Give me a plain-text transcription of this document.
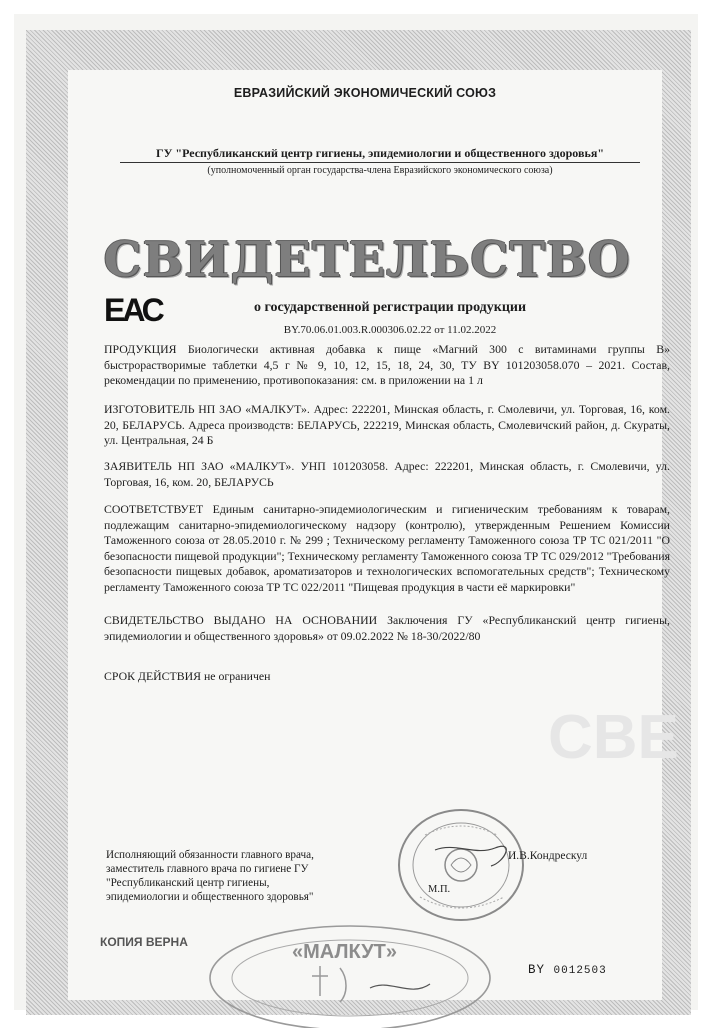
ЕВРАЗИЙСКИЙ ЭКОНОМИЧЕСКИЙ СОЮЗ
ГУ "Республиканский центр гигиены, эпидемиологии и общественного здоровья"
(уполномоченный орган государства-члена Евразийского экономического союза)
СВИДЕТЕЛЬСТВО
ЕАС	о государственной регистрации продукции
BY.70.06.01.003.R.000306.02.22 от 11.02.2022
ПРОДУКЦИЯ Биологически активная добавка к пище «Магний 300 с витаминами группы В» быстрорастворимые таблетки 4,5 г № 9, 10, 12, 15, 18, 24, 30, ТУ BY 101203058.070 – 2021. Состав, рекомендации по применению, противопоказания: см. в приложении на 1 л
ИЗГОТОВИТЕЛЬ НП ЗАО «МАЛКУТ». Адрес: 222201, Минская область, г. Смолевичи, ул. Торговая, 16, ком. 20, БЕЛАРУСЬ. Адреса производств: БЕЛАРУСЬ, 222219, Минская область, Смолевичский район, д. Скураты, ул. Центральная, 24 Б
ЗАЯВИТЕЛЬ НП ЗАО «МАЛКУТ». УНП 101203058. Адрес: 222201, Минская область, г. Смолевичи, ул. Торговая, 16, ком. 20, БЕЛАРУСЬ
СООТВЕТСТВУЕТ Единым санитарно-эпидемиологическим и гигиеническим требованиям к товарам, подлежащим санитарно-эпидемиологическому надзору (контролю), утвержденным Решением Комиссии Таможенного союза от 28.05.2010 г. № 299 ; Техническому регламенту Таможенного союза ТР ТС 021/2011 "О безопасности пищевой продукции"; Техническому регламенту Таможенного союза ТР ТС 029/2012 "Требования безопасности пищевых добавок, ароматизаторов и технологических вспомогательных средств"; Техническому регламенту Таможенного союза ТР ТС 022/2011 "Пищевая продукция в части её маркировки"
СВИДЕТЕЛЬСТВО ВЫДАНО НА ОСНОВАНИИ Заключения ГУ «Республиканский центр гигиены, эпидемиологии и общественного здоровья» от 09.02.2022 № 18-30/2022/80
СРОК ДЕЙСТВИЯ не ограничен
СВЕ
Исполняющий обязанности главного врача,
заместитель главного врача по гигиене ГУ
"Республиканский центр гигиены,
эпидемиологии и общественного здоровья"
И.В.Кондрескул
М.П.
«МАЛКУТ»
КОПИЯ ВЕРНА
BY 0012503
